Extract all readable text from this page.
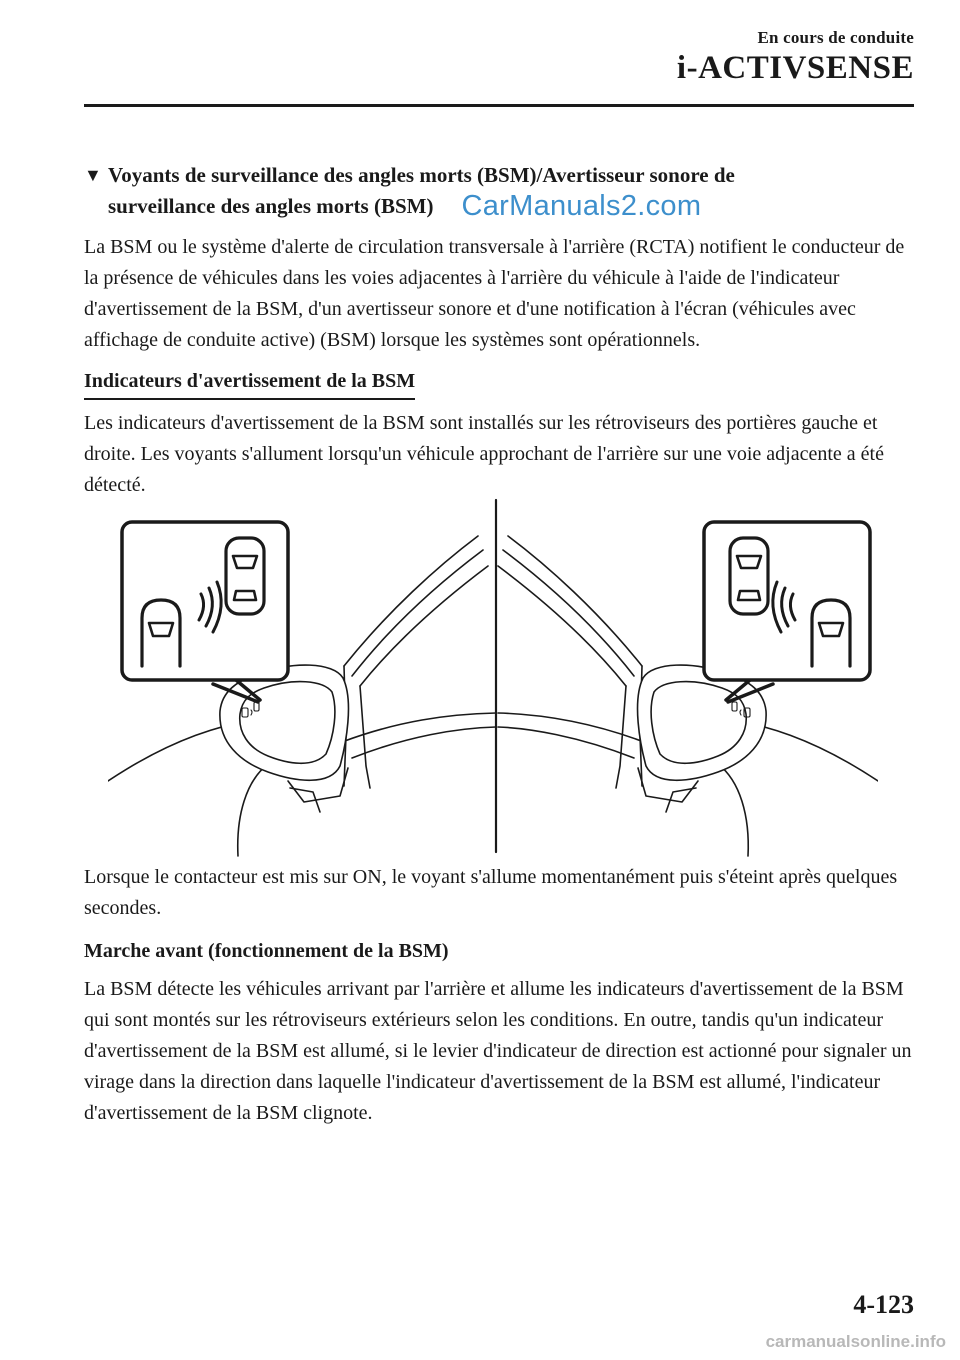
En cours de conduite
i-ACTIVSENSE
▼ Voyants de surveillance des angles morts (BSM)/Avertisseur sonore de
surveillance des angles morts (BSM) CarManuals2.com

La BSM ou le système d'alerte de circulation transversale à l'arrière (RCTA) notifient le conducteur de la présence de véhicules dans les voies adjacentes à l'arrière du véhicule à l'aide de l'indicateur d'avertissement de la BSM, d'un avertisseur sonore et d'une notification à l'écran (véhicules avec affichage de conduite active) (BSM) lorsque les systèmes sont opérationnels.

Indicateurs d'avertissement de la BSM

Les indicateurs d'avertissement de la BSM sont installés sur les rétroviseurs des portières gauche et droite. Les voyants s'allument lorsqu'un véhicule approchant de l'arrière sur une voie adjacente a été détecté.

Lorsque le contacteur est mis sur ON, le voyant s'allume momentanément puis s'éteint après quelques secondes.

Marche avant (fonctionnement de la BSM)

La BSM détecte les véhicules arrivant par l'arrière et allume les indicateurs d'avertissement de la BSM qui sont montés sur les rétroviseurs extérieurs selon les conditions. En outre, tandis qu'un indicateur d'avertissement de la BSM est allumé, si le levier d'indicateur de direction est actionné pour signaler un virage dans la direction dans laquelle l'indicateur d'avertissement de la BSM est allumé, l'indicateur d'avertissement de la BSM clignote.

4-123
carmanualsonline.info
